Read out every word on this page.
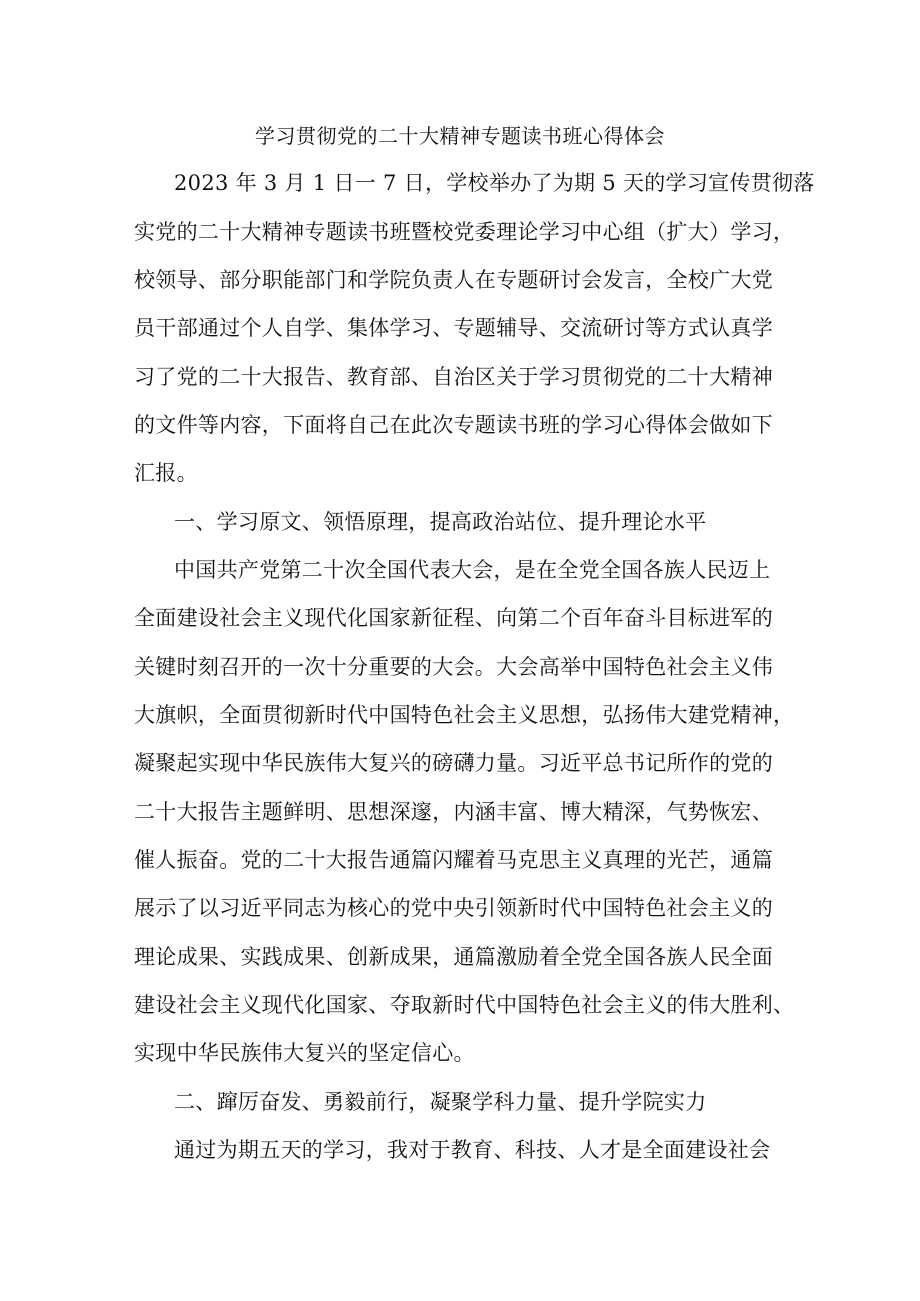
学习贯彻党的二十大精神专题读书班心得体会
2023 年 3 月 1 日一 7 日，学校举办了为期 5 天的学习宣传贯彻落
实党的二十大精神专题读书班暨校党委理论学习中心组（扩大）学习，
校领导、部分职能部门和学院负责人在专题研讨会发言，全校广大党
员干部通过个人自学、集体学习、专题辅导、交流研讨等方式认真学
习了党的二十大报告、教育部、自治区关于学习贯彻党的二十大精神
的文件等内容，下面将自己在此次专题读书班的学习心得体会做如下
汇报。
一、学习原文、领悟原理，提高政治站位、提升理论水平
中国共产党第二十次全国代表大会，是在全党全国各族人民迈上
全面建设社会主义现代化国家新征程、向第二个百年奋斗目标进军的
关键时刻召开的一次十分重要的大会。大会高举中国特色社会主义伟
大旗帜，全面贯彻新时代中国特色社会主义思想，弘扬伟大建党精神，
凝聚起实现中华民族伟大复兴的磅礴力量。习近平总书记所作的党的
二十大报告主题鲜明、思想深邃，内涵丰富、博大精深，气势恢宏、
催人振奋。党的二十大报告通篇闪耀着马克思主义真理的光芒，通篇
展示了以习近平同志为核心的党中央引领新时代中国特色社会主义的
理论成果、实践成果、创新成果，通篇激励着全党全国各族人民全面
建设社会主义现代化国家、夺取新时代中国特色社会主义的伟大胜利、
实现中华民族伟大复兴的坚定信心。
二、蹿厉奋发、勇毅前行，凝聚学科力量、提升学院实力
通过为期五天的学习，我对于教育、科技、人才是全面建设社会
